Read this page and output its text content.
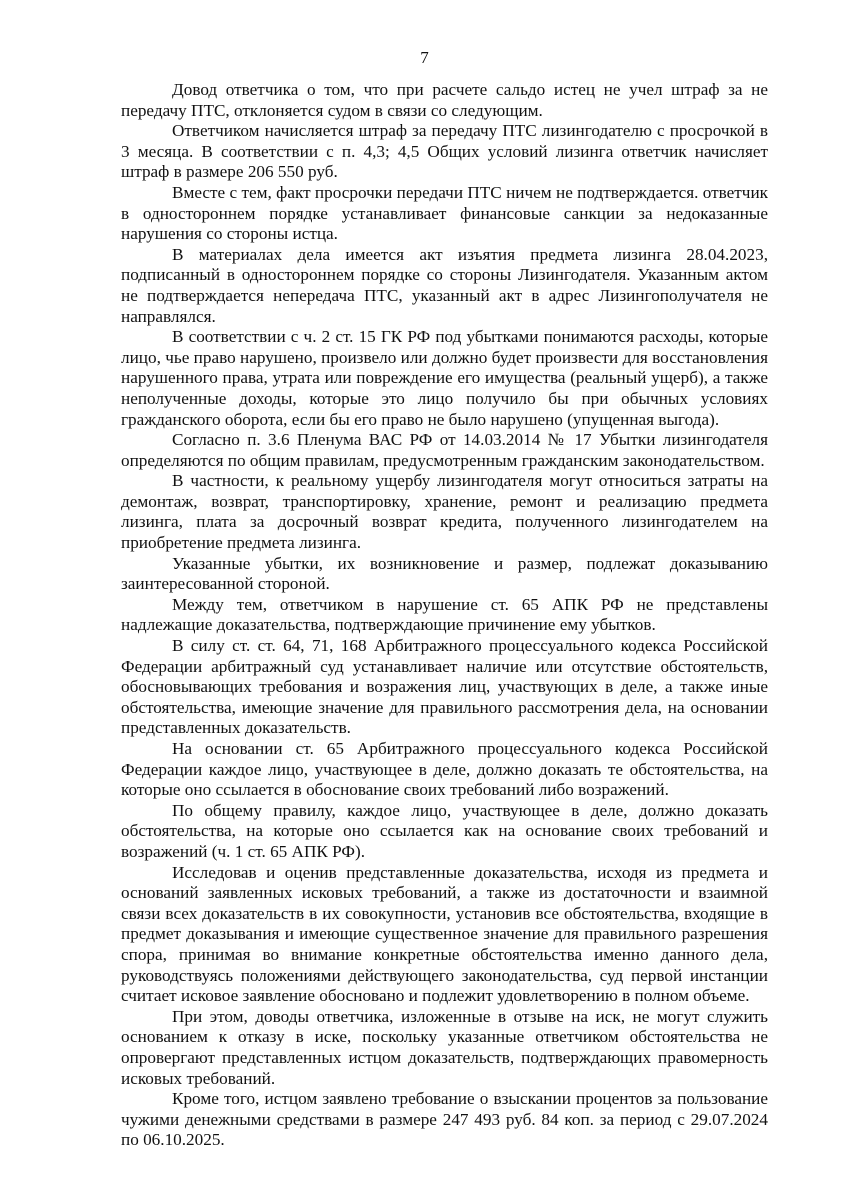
7

Довод ответчика о том, что при расчете сальдо истец не учел штраф за не передачу ПТС, отклоняется судом в связи со следующим.

Ответчиком начисляется штраф за передачу ПТС лизингодателю с просрочкой в 3 месяца. В соответствии с п. 4,3; 4,5 Общих условий лизинга ответчик начисляет штраф в размере 206 550 руб.

Вместе с тем, факт просрочки передачи ПТС ничем не подтверждается. ответчик в одностороннем порядке устанавливает финансовые санкции за недоказанные нарушения со стороны истца.

В материалах дела имеется акт изъятия предмета лизинга 28.04.2023, подписанный в одностороннем порядке со стороны Лизингодателя. Указанным актом не подтверждается непередача ПТС, указанный акт в адрес Лизингополучателя не направлялся.

В соответствии с ч. 2 ст. 15 ГК РФ под убытками понимаются расходы, которые лицо, чье право нарушено, произвело или должно будет произвести для восстановления нарушенного права, утрата или повреждение его имущества (реальный ущерб), а также неполученные доходы, которые это лицо получило бы при обычных условиях гражданского оборота, если бы его право не было нарушено (упущенная выгода).

Согласно п. 3.6 Пленума ВАС РФ от 14.03.2014 № 17 Убытки лизингодателя определяются по общим правилам, предусмотренным гражданским законодательством.

В частности, к реальному ущербу лизингодателя могут относиться затраты на демонтаж, возврат, транспортировку, хранение, ремонт и реализацию предмета лизинга, плата за досрочный возврат кредита, полученного лизингодателем на приобретение предмета лизинга.

Указанные убытки, их возникновение и размер, подлежат доказыванию заинтересованной стороной.

Между тем, ответчиком в нарушение ст. 65 АПК РФ не представлены надлежащие доказательства, подтверждающие причинение ему убытков.

В силу ст. ст. 64, 71, 168 Арбитражного процессуального кодекса Российской Федерации арбитражный суд устанавливает наличие или отсутствие обстоятельств, обосновывающих требования и возражения лиц, участвующих в деле, а также иные обстоятельства, имеющие значение для правильного рассмотрения дела, на основании представленных доказательств.

На основании ст. 65 Арбитражного процессуального кодекса Российской Федерации каждое лицо, участвующее в деле, должно доказать те обстоятельства, на которые оно ссылается в обоснование своих требований либо возражений.

По общему правилу, каждое лицо, участвующее в деле, должно доказать обстоятельства, на которые оно ссылается как на основание своих требований и возражений (ч. 1 ст. 65 АПК РФ).

Исследовав и оценив представленные доказательства, исходя из предмета и оснований заявленных исковых требований, а также из достаточности и взаимной связи всех доказательств в их совокупности, установив все обстоятельства, входящие в предмет доказывания и имеющие существенное значение для правильного разрешения спора, принимая во внимание конкретные обстоятельства именно данного дела, руководствуясь положениями действующего законодательства, суд первой инстанции считает исковое заявление обосновано и подлежит удовлетворению в полном объеме.

При этом, доводы ответчика, изложенные в отзыве на иск, не могут служить основанием к отказу в иске, поскольку указанные ответчиком обстоятельства не опровергают представленных истцом доказательств, подтверждающих правомерность исковых требований.

Кроме того, истцом заявлено требование о взыскании процентов за пользование чужими денежными средствами в размере 247 493 руб. 84 коп. за период с 29.07.2024 по 06.10.2025.
